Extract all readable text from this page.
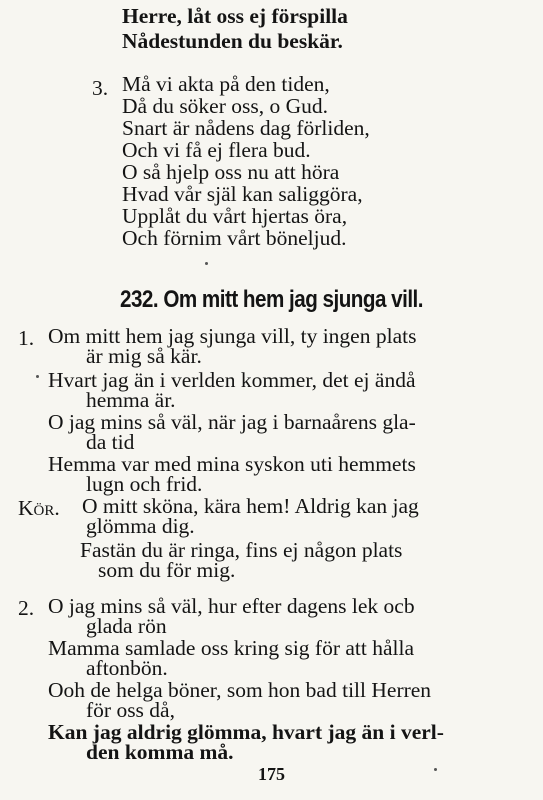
Herre, låt oss ej förspilla
Nådestunden du beskär.
3. Må vi akta på den tiden,
Då du söker oss, o Gud.
Snart är nådens dag förliden,
Och vi få ej flera bud.
O så hjelp oss nu att höra
Hvad vår själ kan saliggöra,
Upplåt du vårt hjertas öra,
Och förnim vårt böneljud.
232. Om mitt hem jag sjunga vill.
1. Om mitt hem jag sjunga vill, ty ingen plats
är mig så kär.
Hvart jag än i verlden kommer, det ej ändå
hemma är.
O jag mins så väl, när jag i barnaårens gla-
da tid
Hemma var med mina syskon uti hemmets
lugn och frid.
Kör. O mitt sköna, kära hem! Aldrig kan jag
glömma dig.
Fastän du är ringa, fins ej någon plats
som du för mig.
2. O jag mins så väl, hur efter dagens lek ocb
glada rön
Mamma samlade oss kring sig för att hålla
aftonbön.
Ooh de helga böner, som hon bad till Herren
för oss då,
Kan jag aldrig glömma, hvart jag än i verl-
den komma må.
175
